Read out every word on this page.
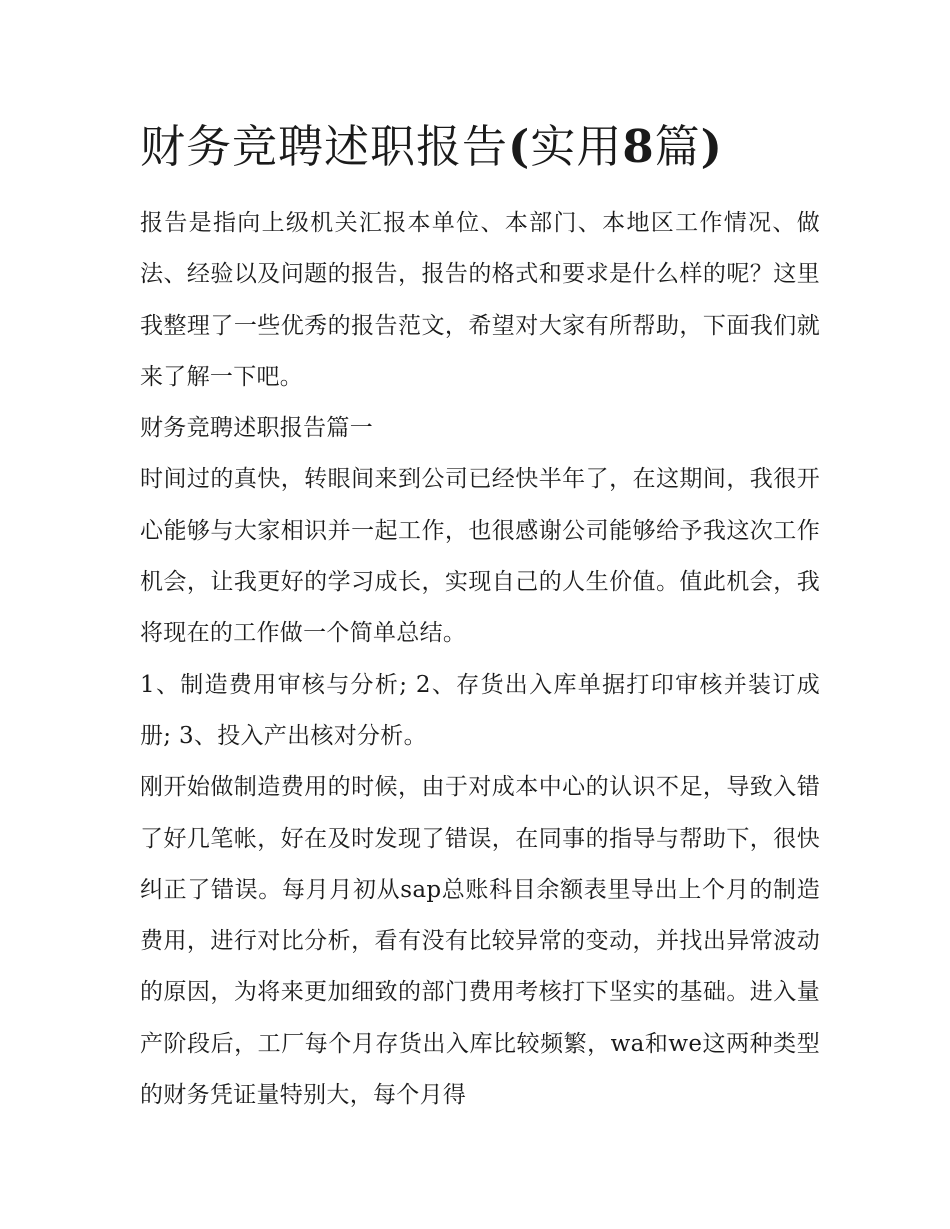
财务竞聘述职报告(实用8篇)

报告是指向上级机关汇报本单位、本部门、本地区工作情况、做法、经验以及问题的报告，报告的格式和要求是什么样的呢？这里我整理了一些优秀的报告范文，希望对大家有所帮助，下面我们就来了解一下吧。

财务竞聘述职报告篇一

时间过的真快，转眼间来到公司已经快半年了，在这期间，我很开心能够与大家相识并一起工作，也很感谢公司能够给予我这次工作机会，让我更好的学习成长，实现自己的人生价值。值此机会，我将现在的工作做一个简单总结。

1、制造费用审核与分析; 2、存货出入库单据打印审核并装订成册; 3、投入产出核对分析。

刚开始做制造费用的时候，由于对成本中心的认识不足，导致入错了好几笔帐，好在及时发现了错误，在同事的指导与帮助下，很快纠正了错误。每月月初从sap总账科目余额表里导出上个月的制造费用，进行对比分析，看有没有比较异常的变动，并找出异常波动的原因，为将来更加细致的部门费用考核打下坚实的基础。进入量产阶段后，工厂每个月存货出入库比较频繁，wa和we这两种类型的财务凭证量特别大，每个月得
